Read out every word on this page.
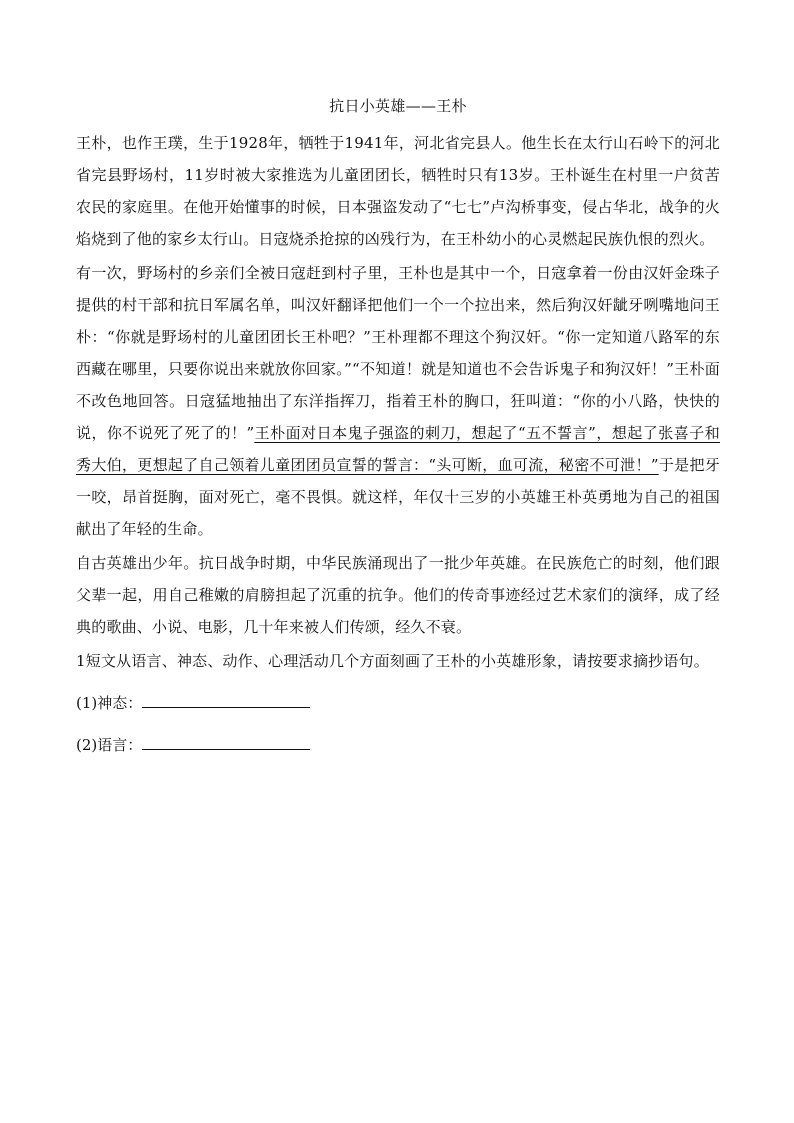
抗日小英雄——王朴

王朴，也作王璞，生于1928年，牺牲于1941年，河北省完县人。他生长在太行山石岭下的河北省完县野场村，11岁时被大家推选为儿童团团长，牺牲时只有13岁。王朴诞生在村里一户贫苦农民的家庭里。在他开始懂事的时候，日本强盗发动了“七七”卢沟桥事变，侵占华北，战争的火焰烧到了他的家乡太行山。日寇烧杀抢掠的凶残行为，在王朴幼小的心灵燃起民族仇恨的烈火。

有一次，野场村的乡亲们全被日寇赶到村子里，王朴也是其中一个，日寇拿着一份由汉奸金珠子提供的村干部和抗日军属名单，叫汉奸翻译把他们一个一个拉出来，然后狗汉奸龇牙咧嘴地问王朴：“你就是野场村的儿童团团长王朴吧？”王朴理都不理这个狗汉奸。“你一定知道八路军的东西藏在哪里，只要你说出来就放你回家。”“不知道！就是知道也不会告诉鬼子和狗汉奸！”王朴面不改色地回答。日寇猛地抽出了东洋指挥刀，指着王朴的胸口，狂叫道：“你的小八路，快快的说，你不说死了死了的！”王朴面对日本鬼子强盗的刺刀，想起了“五不誓言”，想起了张喜子和秀大伯，更想起了自己领着儿童团团员宣誓的誓言：“头可断，血可流，秘密不可泄！”于是把牙一咬，昂首挺胸，面对死亡，毫不畏惧。就这样，年仅十三岁的小英雄王朴英勇地为自己的祖国献出了年轻的生命。

自古英雄出少年。抗日战争时期，中华民族涌现出了一批少年英雄。在民族危亡的时刻，他们跟父辈一起，用自己稚嫩的肩膀担起了沉重的抗争。他们的传奇事迹经过艺术家们的演绎，成了经典的歌曲、小说、电影，几十年来被人们传颂，经久不衰。

1短文从语言、神态、动作、心理活动几个方面刻画了王朴的小英雄形象，请按要求摘抄语句。

(1)神态：
(2)语言：
